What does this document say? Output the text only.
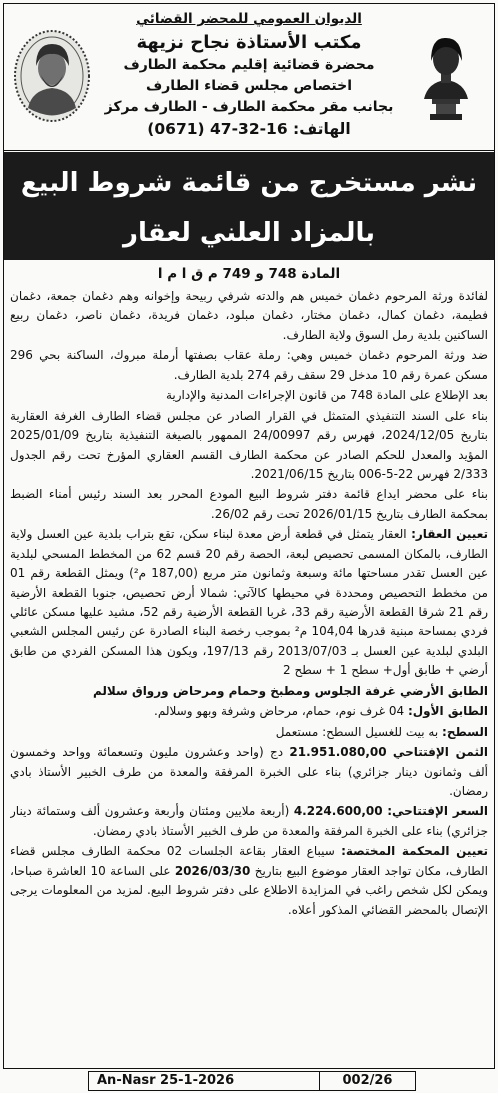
الديوان العمومي للمحضر القضائي
مكتب الأستاذة نجاح نزيهة
محضرة قضائية إقليم محكمة الطارف
اختصاص مجلس قضاء الطارف
بجانب مقر محكمة الطارف - الطارف مركز
الهاتف: 16-32-47 (0671)
نشر مستخرج من قائمة شروط البيع
بالمزاد العلني لعقار
المادة 748 و 749 م ق ا م ا

لفائدة ورثة المرحوم دغمان خميس هم والدته شرفي ربيحة وإخوانه وهم دغمان جمعة، دغمان فطيمة، دغمان كمال، دغمان مختار، دغمان مبلود، دغمان فريدة، دغمان ناصر، دغمان ربيع الساكنين بلدية رمل السوق ولاية الطارف.

ضد ورثة المرحوم دغمان خميس وهي: رملة عقاب بصفتها أرملة مبروك، الساكنة بحي 296 مسكن عمرة رقم 10 مدخل 29 سقف رقم 274 بلدية الطارف.

بعد الإطلاع على المادة 748 من قانون الإجراءات المدنية والإدارية

بناء على السند التنفيذي المتمثل في القرار الصادر عن مجلس قضاء الطارف الغرفة العقارية بتاريخ 2024/12/05، فهرس رقم 24/00997 الممهور بالصيغة التنفيذية بتاريخ 2025/01/09 المؤيد والمعدل للحكم الصادر عن محكمة الطارف القسم العقاري المؤرخ تحت رقم الجدول 2/333 فهرس 22-5-006 بتاريخ 2021/06/15.

بناء على محضر ايداع قائمة دفتر شروط البيع المودع المحرر بعد السند رئيس أمناء الضبط بمحكمة الطارف بتاريخ 2026/01/15 تحت رقم 26/02.

تعيين العقار: العقار يتمثل في قطعة أرض معدة لبناء سكن، تقع بتراب بلدية عين العسل ولاية الطارف، بالمكان المسمى تحصيص لبعة، الحصة رقم 20 قسم 62 من المخطط المسحي لبلدية عين العسل تقدر مساحتها مائة وسبعة وثمانون متر مربع (187,00 م²) ويمثل القطعة رقم 01 من مخطط التحصيص ومحددة في محيطها كالآتي: شمالا أرض تحصيص، جنوبا القطعة الأرضية رقم 21 شرقا القطعة الأرضية رقم 33، غربا القطعة الأرضية رقم 52، مشيد عليها مسكن عائلي فردي بمساحة مبنية قدرها 104,04 م² بموجب رخصة البناء الصادرة عن رئيس المجلس الشعبي البلدي لبلدية عين العسل بـ 2013/07/03 رقم 197/13، ويكون هذا المسكن الفردي من طابق أرضي + طابق أول+ سطح 1 + سطح 2

الطابق الأرضي غرفة الجلوس ومطبخ وحمام ومرحاض ورواق سلالم

الطابق الأول: 04 غرف نوم، حمام، مرحاض وشرفة وبهو وسلالم.

السطح: به بيت للغسيل السطح: مستعمل

الثمن الإفتتاحي 21.951.080,00 دج (واحد وعشرون مليون وتسعمائة وواحد وخمسون ألف وثمانون دينار جزائري) بناء على الخبرة المرفقة والمعدة من طرف الخبير الأستاذ بادي رمضان.

السعر الإفتتاحي: 4.224.600,00 (أربعة ملايين ومئتان وأربعة وعشرون ألف وستمائة دينار جزائري) بناء على الخبرة المرفقة والمعدة من طرف الخبير الأستاذ بادي رمضان.

تعيين المحكمة المختصة: سيباع العقار بقاعة الجلسات 02 محكمة الطارف مجلس قضاء الطارف، مكان تواجد العقار موضوع البيع بتاريخ 2026/03/30 على الساعة 10 العاشرة صباحا، ويمكن لكل شخص راغب في المزايدة الاطلاع على دفتر شروط البيع. لمزيد من المعلومات يرجى الإتصال بالمحضر القضائي المذكور أعلاه.

An-Nasr 25-1-2026	002/26
